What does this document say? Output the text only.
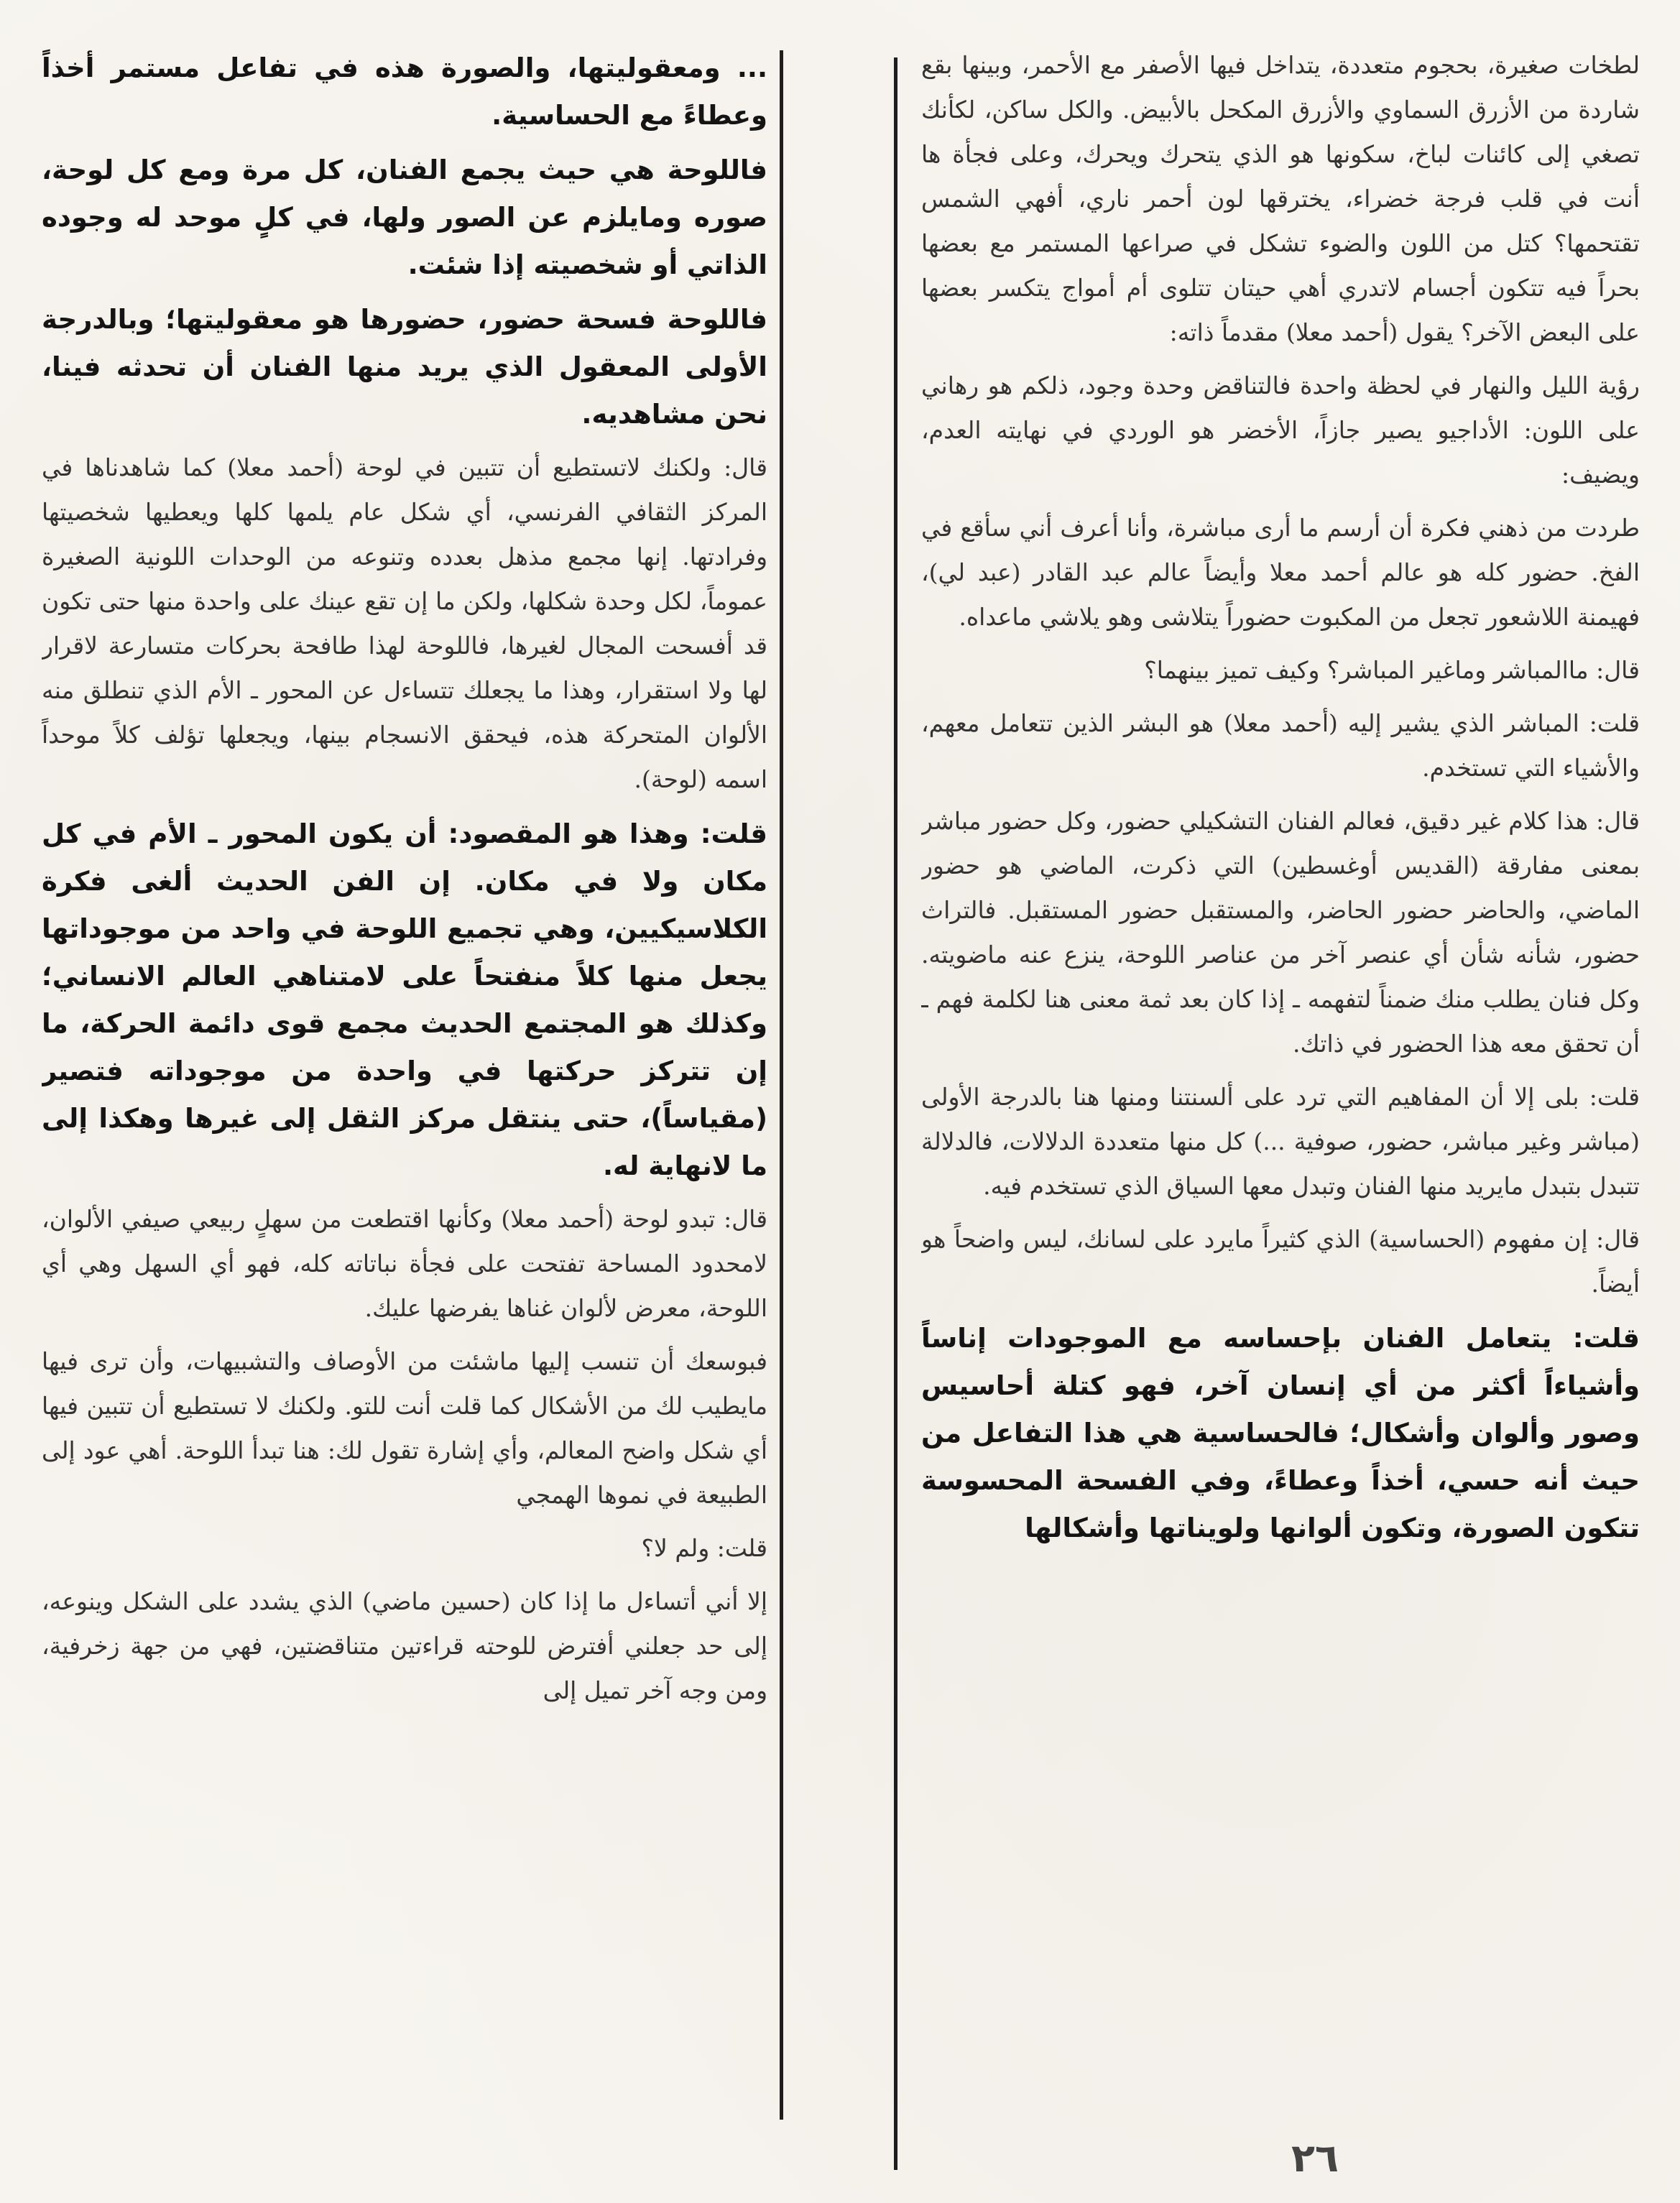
لطخات صغيرة، بحجوم متعددة، يتداخل فيها الأصفر مع الأحمر، وبينها بقع شاردة من الأزرق السماوي والأزرق المكحل بالأبيض. والكل ساكن، لكأنك تصغي إلى كائنات لباخ، سكونها هو الذي يتحرك ويحرك، وعلى فجأة ها أنت في قلب فرجة خضراء، يخترقها لون أحمر ناري، أفهي الشمس تقتحمها؟ كتل من اللون والضوء تشكل في صراعها المستمر مع بعضها بحراً فيه تتكون أجسام لاتدري أهي حيتان تتلوى أم أمواج يتكسر بعضها على البعض الآخر؟ يقول (أحمد معلا) مقدماً ذاته:

رؤية الليل والنهار في لحظة واحدة فالتناقض وحدة وجود، ذلكم هو رهاني على اللون: الأداجيو يصير جازاً، الأخضر هو الوردي في نهايته العدم، ويضيف:

طردت من ذهني فكرة أن أرسم ما أرى مباشرة، وأنا أعرف أني سأقع في الفخ. حضور كله هو عالم أحمد معلا وأيضاً عالم عبد القادر (عبد لي)، فهيمنة اللاشعور تجعل من المكبوت حضوراً يتلاشى وهو يلاشي ماعداه.

قال: ماالمباشر وماغير المباشر؟ وكيف تميز بينهما؟

قلت: المباشر الذي يشير إليه (أحمد معلا) هو البشر الذين تتعامل معهم، والأشياء التي تستخدم.

قال: هذا كلام غير دقيق، فعالم الفنان التشكيلي حضور، وكل حضور مباشر بمعنى مفارقة (القديس أوغسطين) التي ذكرت، الماضي هو حضور الماضي، والحاضر حضور الحاضر، والمستقبل حضور المستقبل. فالتراث حضور، شأنه شأن أي عنصر آخر من عناصر اللوحة، ينزع عنه ماضويته. وكل فنان يطلب منك ضمناً لتفهمه ـ إذا كان بعد ثمة معنى هنا لكلمة فهم ـ أن تحقق معه هذا الحضور في ذاتك.

قلت: بلى إلا أن المفاهيم التي ترد على ألسنتنا ومنها هنا بالدرجة الأولى (مباشر وغير مباشر، حضور، صوفية ...) كل منها متعددة الدلالات، فالدلالة تتبدل بتبدل مايريد منها الفنان وتبدل معها السياق الذي تستخدم فيه.

قال: إن مفهوم (الحساسية) الذي كثيراً مايرد على لسانك، ليس واضحاً هو أيضاً.

قلت: يتعامل الفنان بإحساسه مع الموجودات إناساً وأشياءاً أكثر من أي إنسان آخر، فهو كتلة أحاسيس وصور وألوان وأشكال؛ فالحساسية هي هذا التفاعل من حيث أنه حسي، أخذاً وعطاءً، وفي الفسحة المحسوسة تتكون الصورة، وتكون ألوانها ولويناتها وأشكالها

... ومعقوليتها، والصورة هذه في تفاعل مستمر أخذاً وعطاءً مع الحساسية.

فاللوحة هي حيث يجمع الفنان، كل مرة ومع كل لوحة، صوره ومايلزم عن الصور ولها، في كلٍ موحد له وجوده الذاتي أو شخصيته إذا شئت.

فاللوحة فسحة حضور، حضورها هو معقوليتها؛ وبالدرجة الأولى المعقول الذي يريد منها الفنان أن تحدثه فينا، نحن مشاهديه.

قال: ولكنك لاتستطيع أن تتبين في لوحة (أحمد معلا) كما شاهدناها في المركز الثقافي الفرنسي، أي شكل عام يلمها كلها ويعطيها شخصيتها وفرادتها. إنها مجمع مذهل بعدده وتنوعه من الوحدات اللونية الصغيرة عموماً، لكل وحدة شكلها، ولكن ما إن تقع عينك على واحدة منها حتى تكون قد أفسحت المجال لغيرها، فاللوحة لهذا طافحة بحركات متسارعة لاقرار لها ولا استقرار، وهذا ما يجعلك تتساءل عن المحور ـ الأم الذي تنطلق منه الألوان المتحركة هذه، فيحقق الانسجام بينها، ويجعلها تؤلف كلاً موحداً اسمه (لوحة).

قلت: وهذا هو المقصود: أن يكون المحور ـ الأم في كل مكان ولا في مكان. إن الفن الحديث ألغى فكرة الكلاسيكيين، وهي تجميع اللوحة في واحد من موجوداتها يجعل منها كلاً منفتحاً على لامتناهي العالم الانساني؛ وكذلك هو المجتمع الحديث مجمع قوى دائمة الحركة، ما إن تتركز حركتها في واحدة من موجوداته فتصير (مقياساً)، حتى ينتقل مركز الثقل إلى غيرها وهكذا إلى ما لانهاية له.

قال: تبدو لوحة (أحمد معلا) وكأنها اقتطعت من سهلٍ ربيعي صيفي الألوان، لامحدود المساحة تفتحت على فجأة نباتاته كله، فهو أي السهل وهي أي اللوحة، معرض لألوان غناها يفرضها عليك.

فبوسعك أن تنسب إليها ماشئت من الأوصاف والتشبيهات، وأن ترى فيها مايطيب لك من الأشكال كما قلت أنت للتو. ولكنك لا تستطيع أن تتبين فيها أي شكل واضح المعالم، وأي إشارة تقول لك: هنا تبدأ اللوحة. أهي عود إلى الطبيعة في نموها الهمجي

قلت: ولم لا؟

إلا أني أتساءل ما إذا كان (حسين ماضي) الذي يشدد على الشكل وينوعه، إلى حد جعلني أفترض للوحته قراءتين متناقضتين، فهي من جهة زخرفية، ومن وجه آخر تميل إلى

٢٦
